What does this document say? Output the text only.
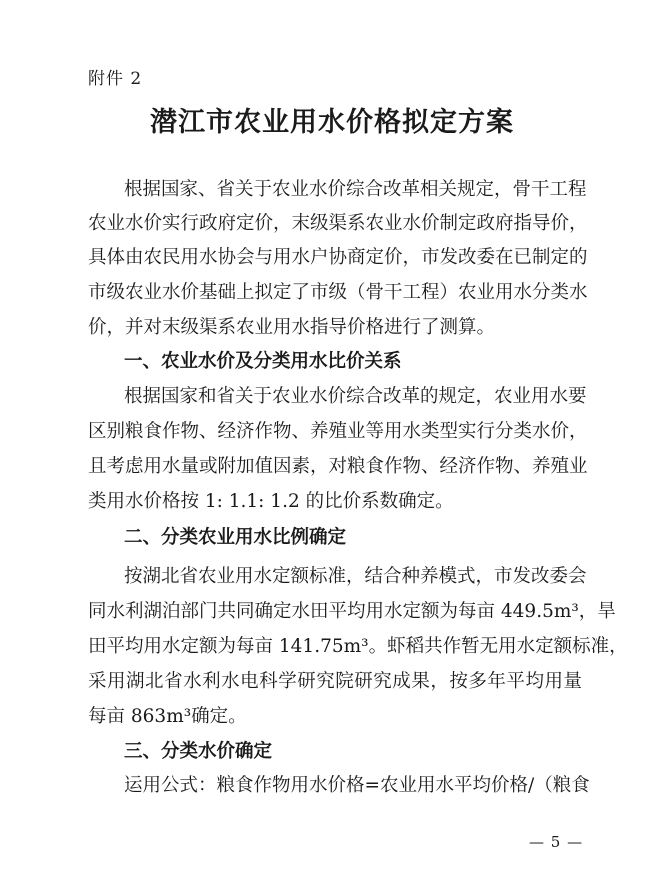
附件 2
潜江市农业用水价格拟定方案
根据国家、省关于农业水价综合改革相关规定，骨干工程
农业水价实行政府定价，末级渠系农业水价制定政府指导价，
具体由农民用水协会与用水户协商定价，市发改委在已制定的
市级农业水价基础上拟定了市级（骨干工程）农业用水分类水
价，并对末级渠系农业用水指导价格进行了测算。
一、农业水价及分类用水比价关系
根据国家和省关于农业水价综合改革的规定，农业用水要
区别粮食作物、经济作物、养殖业等用水类型实行分类水价，
且考虑用水量或附加值因素，对粮食作物、经济作物、养殖业
类用水价格按 1: 1.1: 1.2 的比价系数确定。
二、分类农业用水比例确定
按湖北省农业用水定额标准，结合种养模式，市发改委会
同水利湖泊部门共同确定水田平均用水定额为每亩 449.5m³，旱
田平均用水定额为每亩 141.75m³。虾稻共作暂无用水定额标准，
采用湖北省水利水电科学研究院研究成果，按多年平均用量
每亩 863m³确定。
三、分类水价确定
运用公式：粮食作物用水价格=农业用水平均价格/（粮食
— 5 —
